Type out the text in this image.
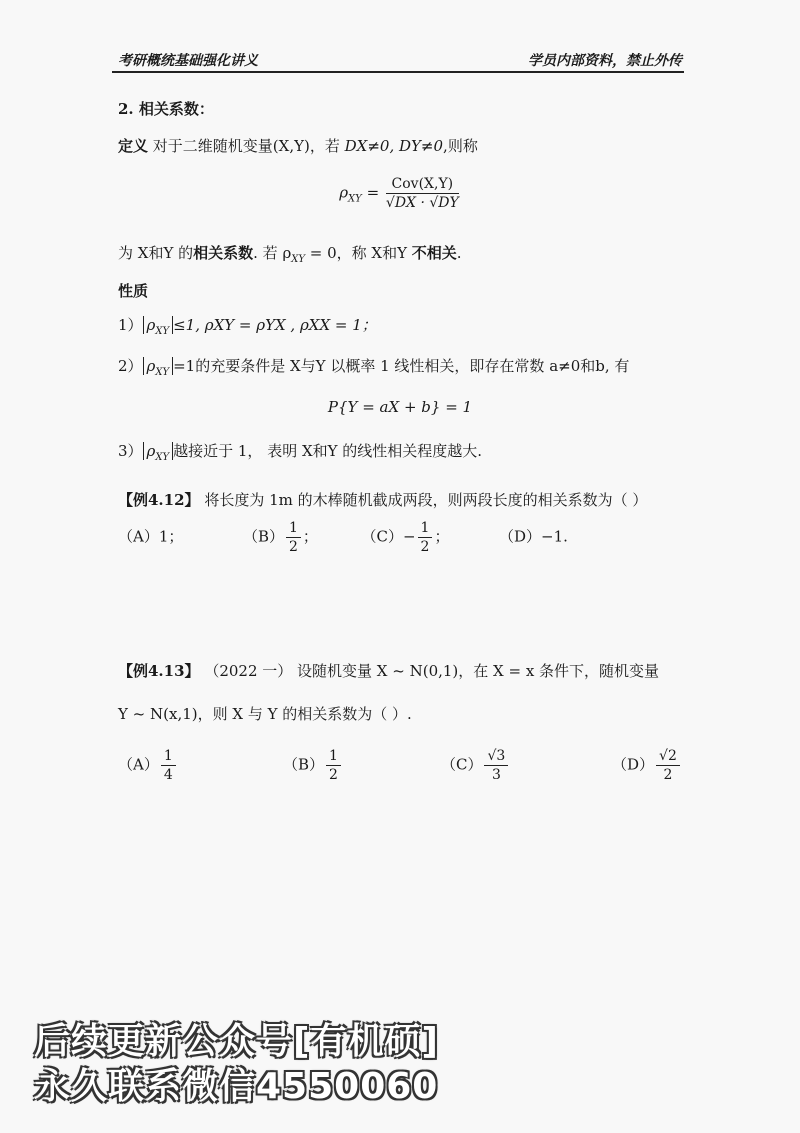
考研概统基础强化讲义	学员内部资料，禁止外传
2. 相关系数：
定义 对于二维随机变量(X,Y)，若 DX≠0, DY≠0,则称
$\rho_{XY} = \frac{\text{Cov(X,Y)}}{√DX \cdot √DY}$
为 X和Y 的相关系数. 若 $\rho_{XY} = 0$，称 X和Y 不相关.
性质
1） $\rho_{XY} \le 1$, ρXY = ρYX , ρXX = 1；
2） $\rho_{XY} =1$的充要条件是 X与Y 以概率 1 线性相关，即存在常数 a≠0和b, 有
P{Y = aX + b} = 1
3） $\rho_{XY}$ 越接近于 1， 表明 X和Y 的线性相关程度越大.
【例4.12】 将长度为 1m 的木棒随机截成两段，则两段长度的相关系数为（ ）
（A）1；	$(B) \frac{1}{2}$ ；	$(C)- \frac{1}{2}$ ；	（D）−1.
【例4.13】 （2022 一） 设随机变量 X ~ N(0,1)，在 X = x 条件下，随机变量
Y ~ N(x,1)，则 X 与 Y 的相关系数为（ ）.
$(A) \frac{1}{4}$	$(B) \frac{1}{2}$	$(C) \frac{√3}{3}$	$(D) \frac{√2}{2}$
后续更新公众号[有机硕]
永久联系微信4550060
